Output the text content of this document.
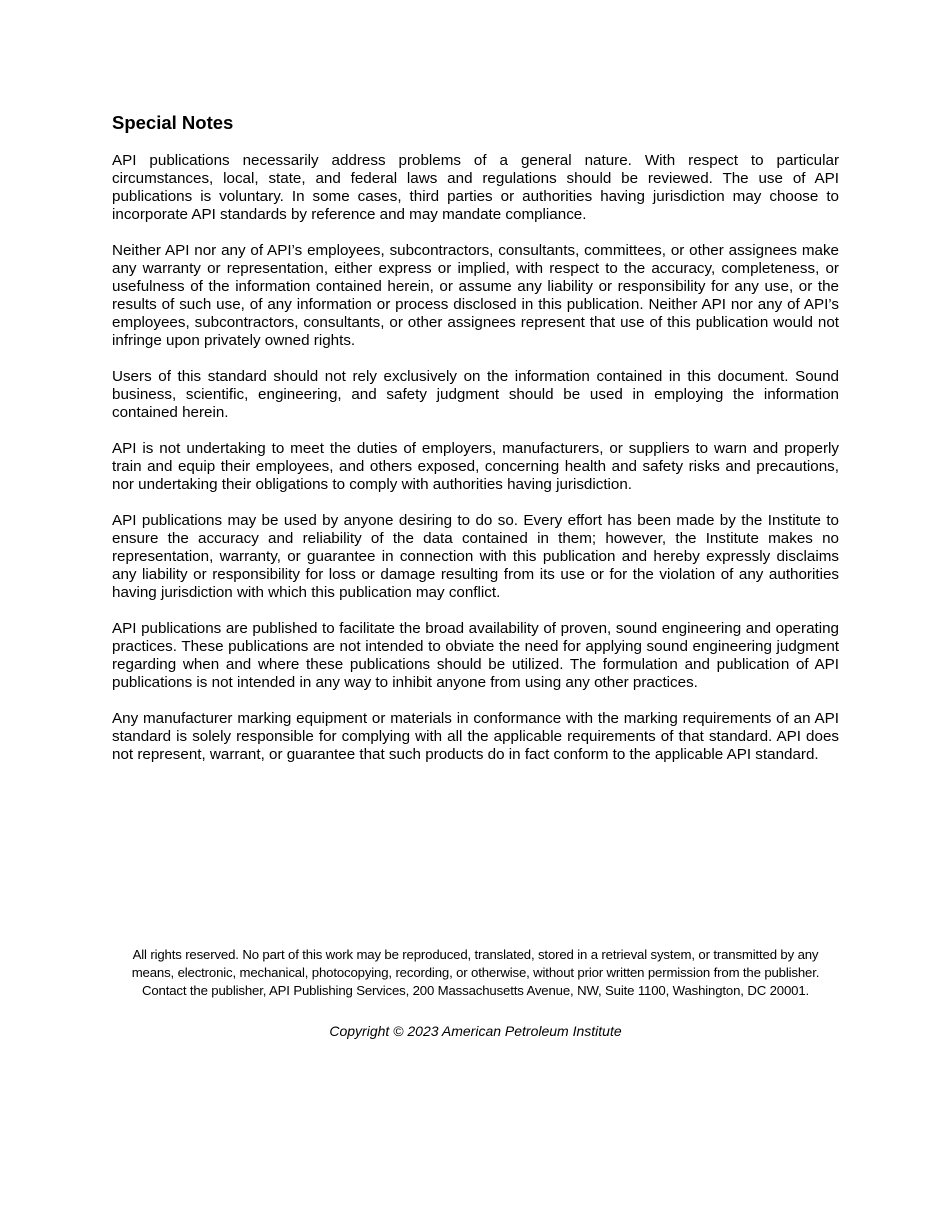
Special Notes

API publications necessarily address problems of a general nature. With respect to particular circumstances, local, state, and federal laws and regulations should be reviewed. The use of API publications is voluntary. In some cases, third parties or authorities having jurisdiction may choose to incorporate API standards by reference and may mandate compliance.

Neither API nor any of API’s employees, subcontractors, consultants, committees, or other assignees make any warranty or representation, either express or implied, with respect to the accuracy, completeness, or usefulness of the information contained herein, or assume any liability or responsibility for any use, or the results of such use, of any information or process disclosed in this publication. Neither API nor any of API’s employees, subcontractors, consultants, or other assignees represent that use of this publication would not infringe upon privately owned rights.

Users of this standard should not rely exclusively on the information contained in this document. Sound business, scientific, engineering, and safety judgment should be used in employing the information contained herein.

API is not undertaking to meet the duties of employers, manufacturers, or suppliers to warn and properly train and equip their employees, and others exposed, concerning health and safety risks and precautions, nor undertaking their obligations to comply with authorities having jurisdiction.

API publications may be used by anyone desiring to do so. Every effort has been made by the Institute to ensure the accuracy and reliability of the data contained in them; however, the Institute makes no representation, warranty, or guarantee in connection with this publication and hereby expressly disclaims any liability or responsibility for loss or damage resulting from its use or for the violation of any authorities having jurisdiction with which this publication may conflict.

API publications are published to facilitate the broad availability of proven, sound engineering and operating practices. These publications are not intended to obviate the need for applying sound engineering judgment regarding when and where these publications should be utilized. The formulation and publication of API publications is not intended in any way to inhibit anyone from using any other practices.

Any manufacturer marking equipment or materials in conformance with the marking requirements of an API standard is solely responsible for complying with all the applicable requirements of that standard. API does not represent, warrant, or guarantee that such products do in fact conform to the applicable API standard.

All rights reserved. No part of this work may be reproduced, translated, stored in a retrieval system, or transmitted by any
means, electronic, mechanical, photocopying, recording, or otherwise, without prior written permission from the publisher.
Contact the publisher, API Publishing Services, 200 Massachusetts Avenue, NW, Suite 1100, Washington, DC 20001.

Copyright © 2023 American Petroleum Institute
